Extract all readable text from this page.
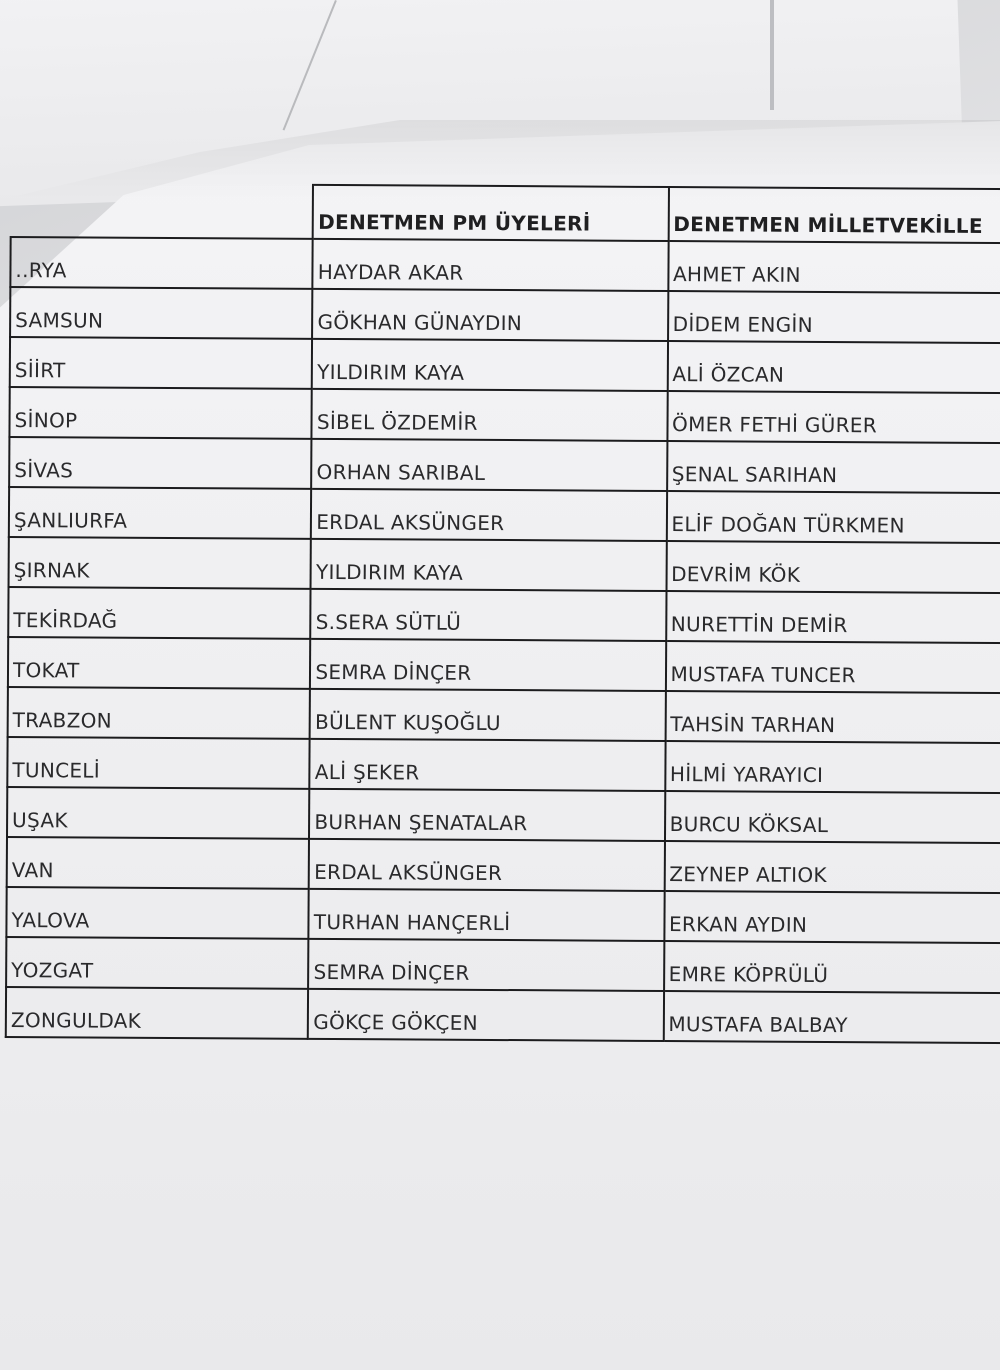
	DENETMEN PM ÜYELERİ	DENETMEN MİLLETVEKİLLE
..RYA	HAYDAR AKAR	AHMET AKIN
SAMSUN	GÖKHAN GÜNAYDIN	DİDEM ENGİN
SİİRT	YILDIRIM KAYA	ALİ ÖZCAN
SİNOP	SİBEL ÖZDEMİR	ÖMER FETHİ GÜRER
SİVAS	ORHAN SARIBAL	ŞENAL SARIHAN
ŞANLIURFA	ERDAL AKSÜNGER	ELİF DOĞAN TÜRKMEN
ŞIRNAK	YILDIRIM KAYA	DEVRİM KÖK
TEKİRDAĞ	S.SERA SÜTLÜ	NURETTİN DEMİR
TOKAT	SEMRA DİNÇER	MUSTAFA TUNCER
TRABZON	BÜLENT KUŞOĞLU	TAHSİN TARHAN
TUNCELİ	ALİ ŞEKER	HİLMİ YARAYICI
UŞAK	BURHAN ŞENATALAR	BURCU KÖKSAL
VAN	ERDAL AKSÜNGER	ZEYNEP ALTIOK
YALOVA	TURHAN HANÇERLİ	ERKAN AYDIN
YOZGAT	SEMRA DİNÇER	EMRE KÖPRÜLÜ
ZONGULDAK	GÖKÇE GÖKÇEN	MUSTAFA BALBAY
